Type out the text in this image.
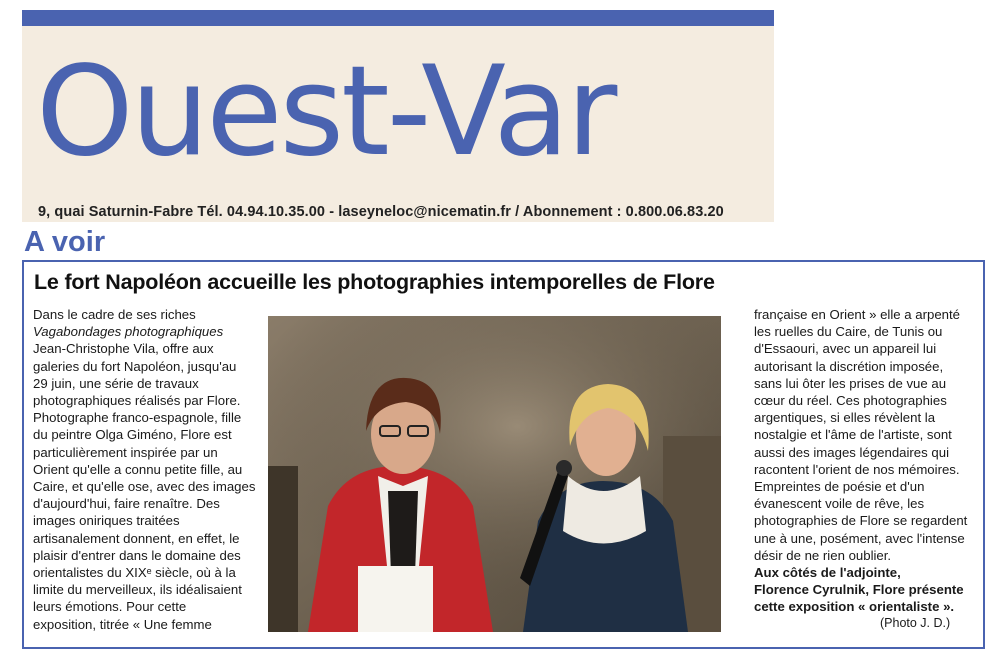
Ouest-Var
9, quai Saturnin-Fabre Tél. 04.94.10.35.00 - laseyneloc@nicematin.fr / Abonnement : 0.800.06.83.20
A voir
Le fort Napoléon accueille les photographies intemporelles de Flore

Dans le cadre de ses riches

Vagabondages photographiques

Jean-Christophe Vila, offre aux

galeries du fort Napoléon, jusqu'au

29 juin, une série de travaux

photographiques réalisés par Flore.

Photographe franco-espagnole, fille

du peintre Olga Giméno, Flore est

particulièrement inspirée par un

Orient qu'elle a connu petite fille, au

Caire, et qu'elle ose, avec des images

d'aujourd'hui, faire renaître. Des

images oniriques traitées

artisanalement donnent, en effet, le

plaisir d'entrer dans le domaine des

orientalistes du XIXᵉ siècle, où à la

limite du merveilleux, ils idéalisaient

leurs émotions. Pour cette

exposition, titrée « Une femme

française en Orient » elle a arpenté

les ruelles du Caire, de Tunis ou

d'Essaouri, avec un appareil lui

autorisant la discrétion imposée,

sans lui ôter les prises de vue au

cœur du réel. Ces photographies

argentiques, si elles révèlent la

nostalgie et l'âme de l'artiste, sont

aussi des images légendaires qui

racontent l'orient de nos mémoires.

Empreintes de poésie et d'un

évanescent voile de rêve, les

photographies de Flore se regardent

une à une, posément, avec l'intense

désir de ne rien oublier.

Aux côtés de l'adjointe,

Florence Cyrulnik, Flore présente

cette exposition « orientaliste ».

(Photo J. D.)
